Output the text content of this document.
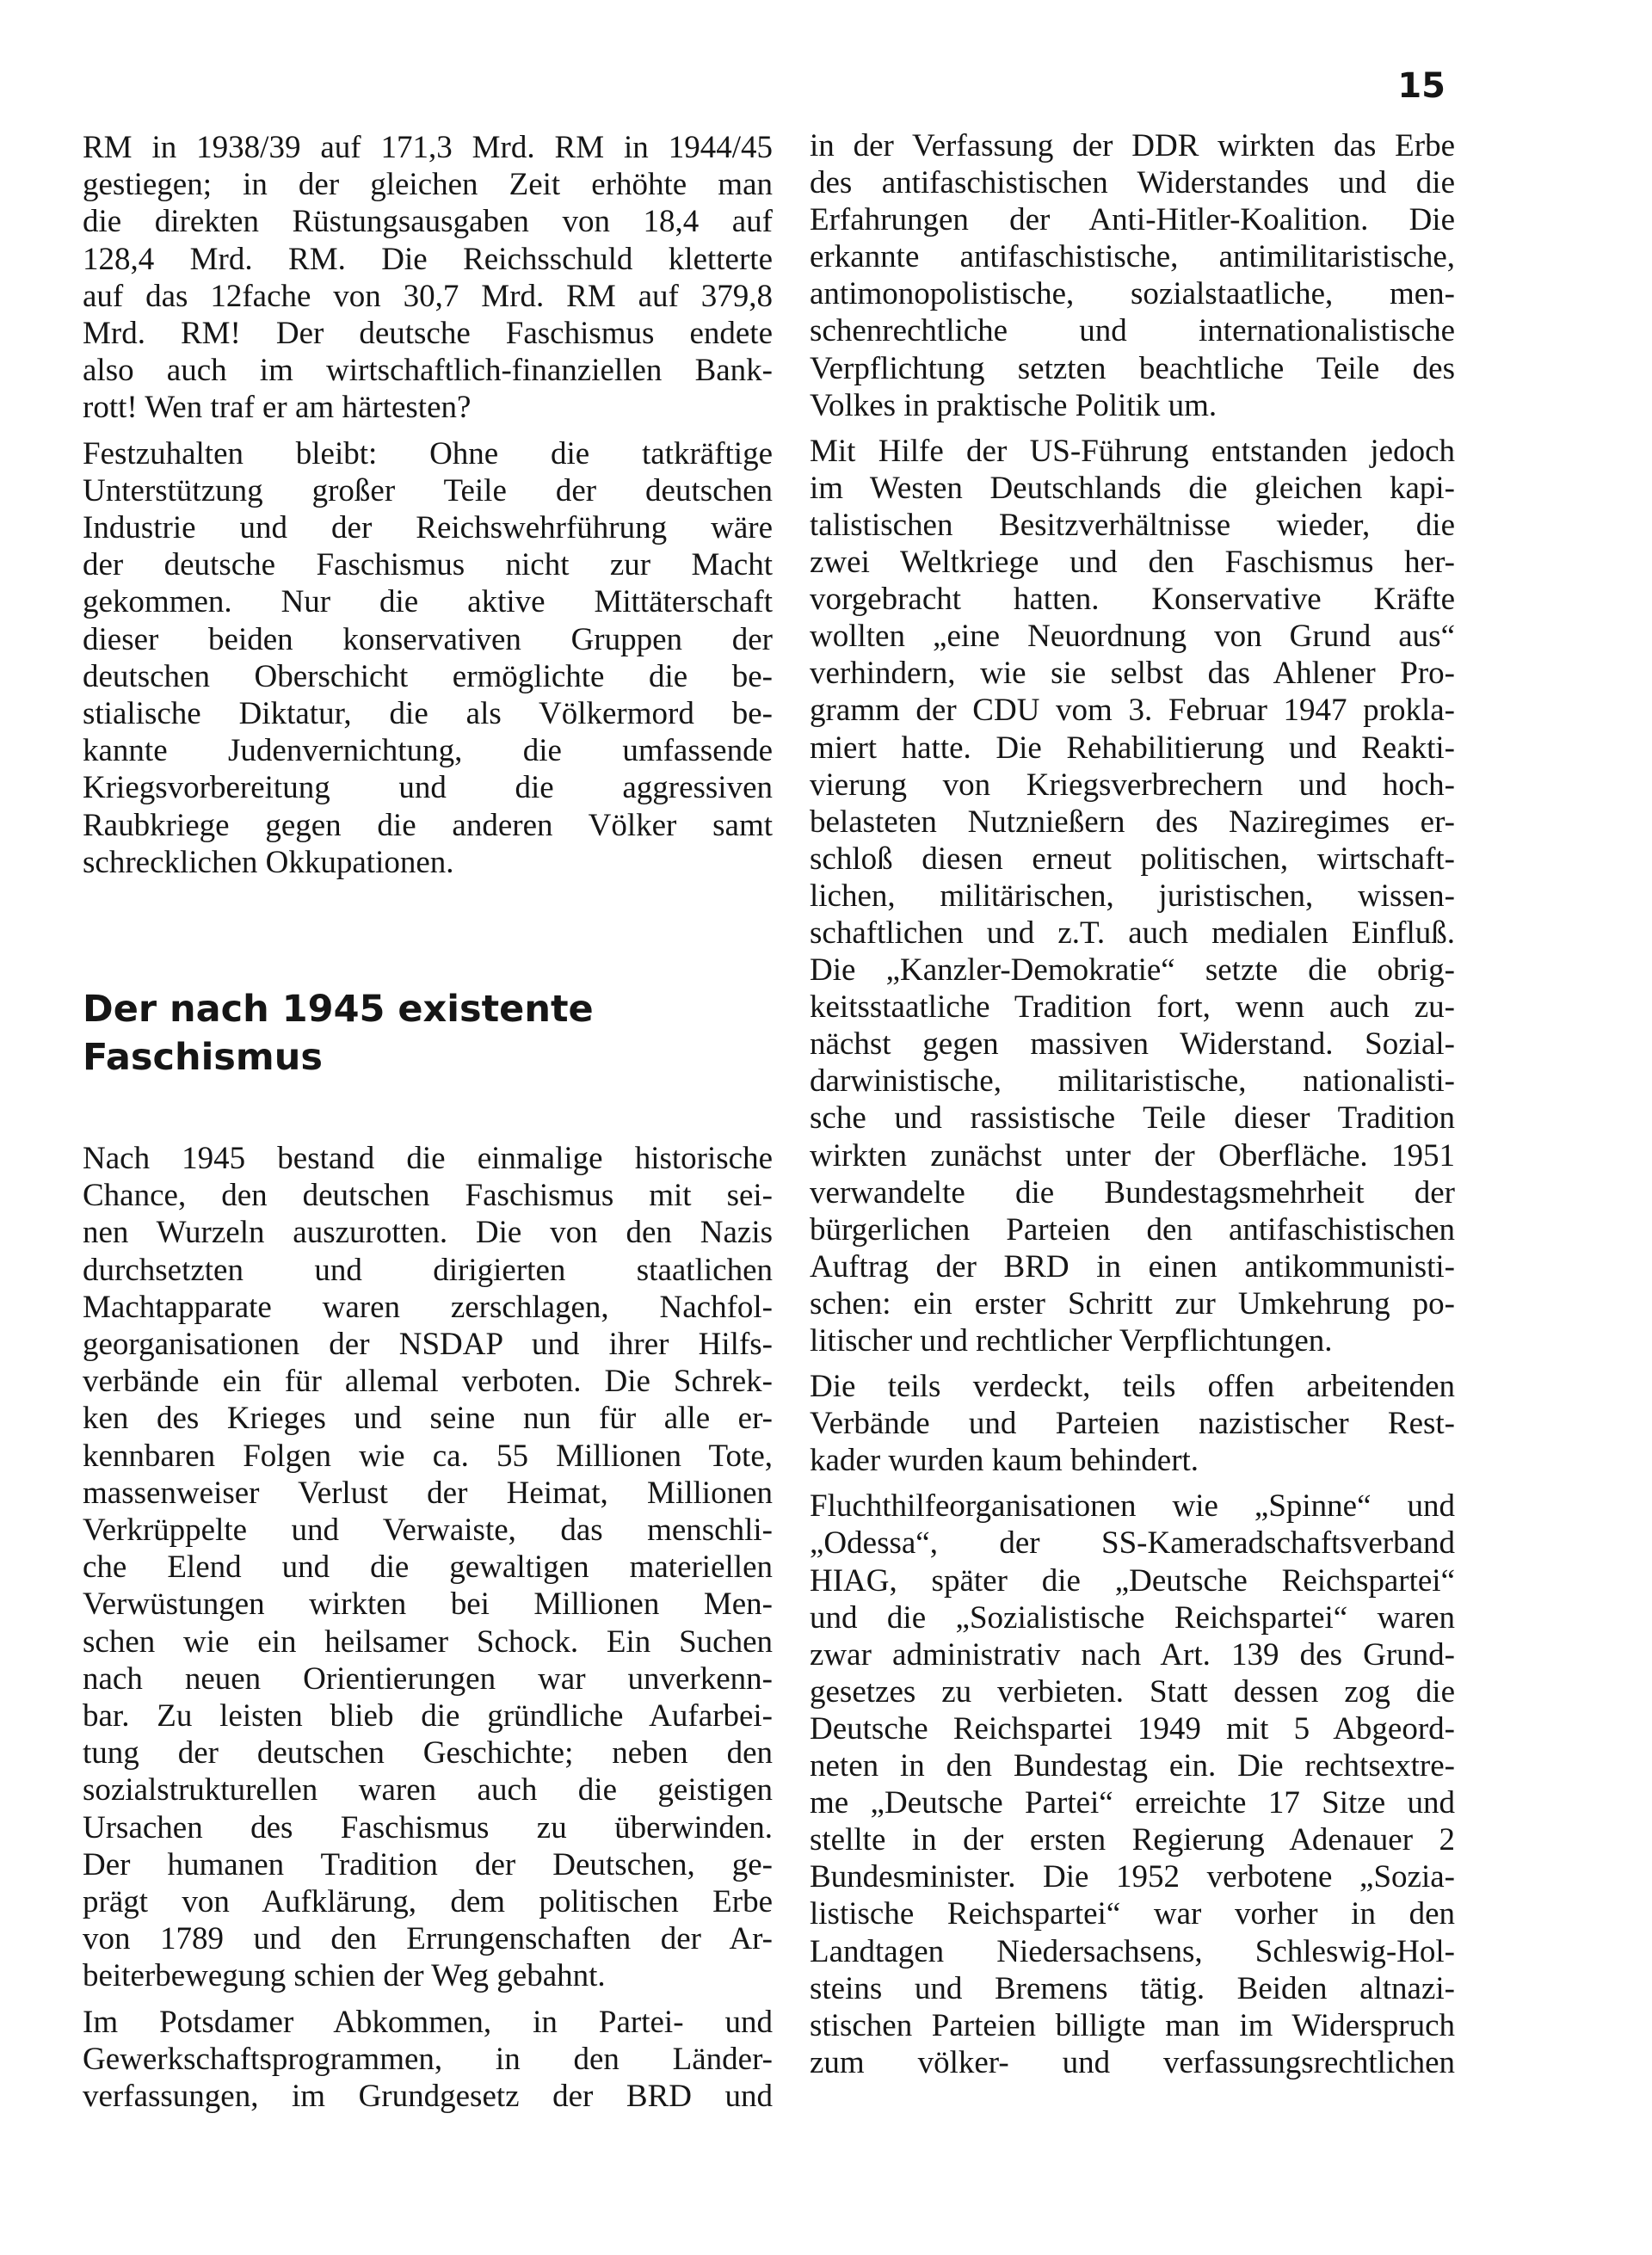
15

RM in 1938/39 auf 171,3 Mrd. RM in 1944/45
gestiegen; in der gleichen Zeit erhöhte man
die direkten Rüstungsausgaben von 18,4 auf
128,4 Mrd. RM. Die Reichsschuld kletterte
auf das 12fache von 30,7 Mrd. RM auf 379,8
Mrd. RM! Der deutsche Faschismus endete
also auch im wirtschaftlich-finanziellen Bank-
rott! Wen traf er am härtesten?

Festzuhalten bleibt: Ohne die tatkräftige
Unterstützung großer Teile der deutschen
Industrie und der Reichswehrführung wäre
der deutsche Faschismus nicht zur Macht
gekommen. Nur die aktive Mittäterschaft
dieser beiden konservativen Gruppen der
deutschen Oberschicht ermöglichte die be-
stialische Diktatur, die als Völkermord be-
kannte Judenvernichtung, die umfassende
Kriegsvorbereitung und die aggressiven
Raubkriege gegen die anderen Völker samt
schrecklichen Okkupationen.

Der nach 1945 existente
Faschismus

Nach 1945 bestand die einmalige historische
Chance, den deutschen Faschismus mit sei-
nen Wurzeln auszurotten. Die von den Nazis
durchsetzten und dirigierten staatlichen
Machtapparate waren zerschlagen, Nachfol-
georganisationen der NSDAP und ihrer Hilfs-
verbände ein für allemal verboten. Die Schrek-
ken des Krieges und seine nun für alle er-
kennbaren Folgen wie ca. 55 Millionen Tote,
massenweiser Verlust der Heimat, Millionen
Verkrüppelte und Verwaiste, das menschli-
che Elend und die gewaltigen materiellen
Verwüstungen wirkten bei Millionen Men-
schen wie ein heilsamer Schock. Ein Suchen
nach neuen Orientierungen war unverkenn-
bar. Zu leisten blieb die gründliche Aufarbei-
tung der deutschen Geschichte; neben den
sozialstrukturellen waren auch die geistigen
Ursachen des Faschismus zu überwinden.
Der humanen Tradition der Deutschen, ge-
prägt von Aufklärung, dem politischen Erbe
von 1789 und den Errungenschaften der Ar-
beiterbewegung schien der Weg gebahnt.

Im Potsdamer Abkommen, in Partei- und
Gewerkschaftsprogrammen, in den Länder-
verfassungen, im Grundgesetz der BRD und

in der Verfassung der DDR wirkten das Erbe
des antifaschistischen Widerstandes und die
Erfahrungen der Anti-Hitler-Koalition. Die
erkannte antifaschistische, antimilitaristische,
antimonopolistische, sozialstaatliche, men-
schenrechtliche und internationalistische
Verpflichtung setzten beachtliche Teile des
Volkes in praktische Politik um.

Mit Hilfe der US-Führung entstanden jedoch
im Westen Deutschlands die gleichen kapi-
talistischen Besitzverhältnisse wieder, die
zwei Weltkriege und den Faschismus her-
vorgebracht hatten. Konservative Kräfte
wollten „eine Neuordnung von Grund aus“
verhindern, wie sie selbst das Ahlener Pro-
gramm der CDU vom 3. Februar 1947 prokla-
miert hatte. Die Rehabilitierung und Reakti-
vierung von Kriegsverbrechern und hoch-
belasteten Nutznießern des Naziregimes er-
schloß diesen erneut politischen, wirtschaft-
lichen, militärischen, juristischen, wissen-
schaftlichen und z.T. auch medialen Einfluß.
Die „Kanzler-Demokratie“ setzte die obrig-
keitsstaatliche Tradition fort, wenn auch zu-
nächst gegen massiven Widerstand. Sozial-
darwinistische, militaristische, nationalisti-
sche und rassistische Teile dieser Tradition
wirkten zunächst unter der Oberfläche. 1951
verwandelte die Bundestagsmehrheit der
bürgerlichen Parteien den antifaschistischen
Auftrag der BRD in einen antikommunisti-
schen: ein erster Schritt zur Umkehrung po-
litischer und rechtlicher Verpflichtungen.

Die teils verdeckt, teils offen arbeitenden
Verbände und Parteien nazistischer Rest-
kader wurden kaum behindert.

Fluchthilfeorganisationen wie „Spinne“ und
„Odessa“, der SS-Kameradschaftsverband
HIAG, später die „Deutsche Reichspartei“
und die „Sozialistische Reichspartei“ waren
zwar administrativ nach Art. 139 des Grund-
gesetzes zu verbieten. Statt dessen zog die
Deutsche Reichspartei 1949 mit 5 Abgeord-
neten in den Bundestag ein. Die rechtsextre-
me „Deutsche Partei“ erreichte 17 Sitze und
stellte in der ersten Regierung Adenauer 2
Bundesminister. Die 1952 verbotene „Sozia-
listische Reichspartei“ war vorher in den
Landtagen Niedersachsens, Schleswig-Hol-
steins und Bremens tätig. Beiden altnazi-
stischen Parteien billigte man im Widerspruch
zum völker- und verfassungsrechtlichen
